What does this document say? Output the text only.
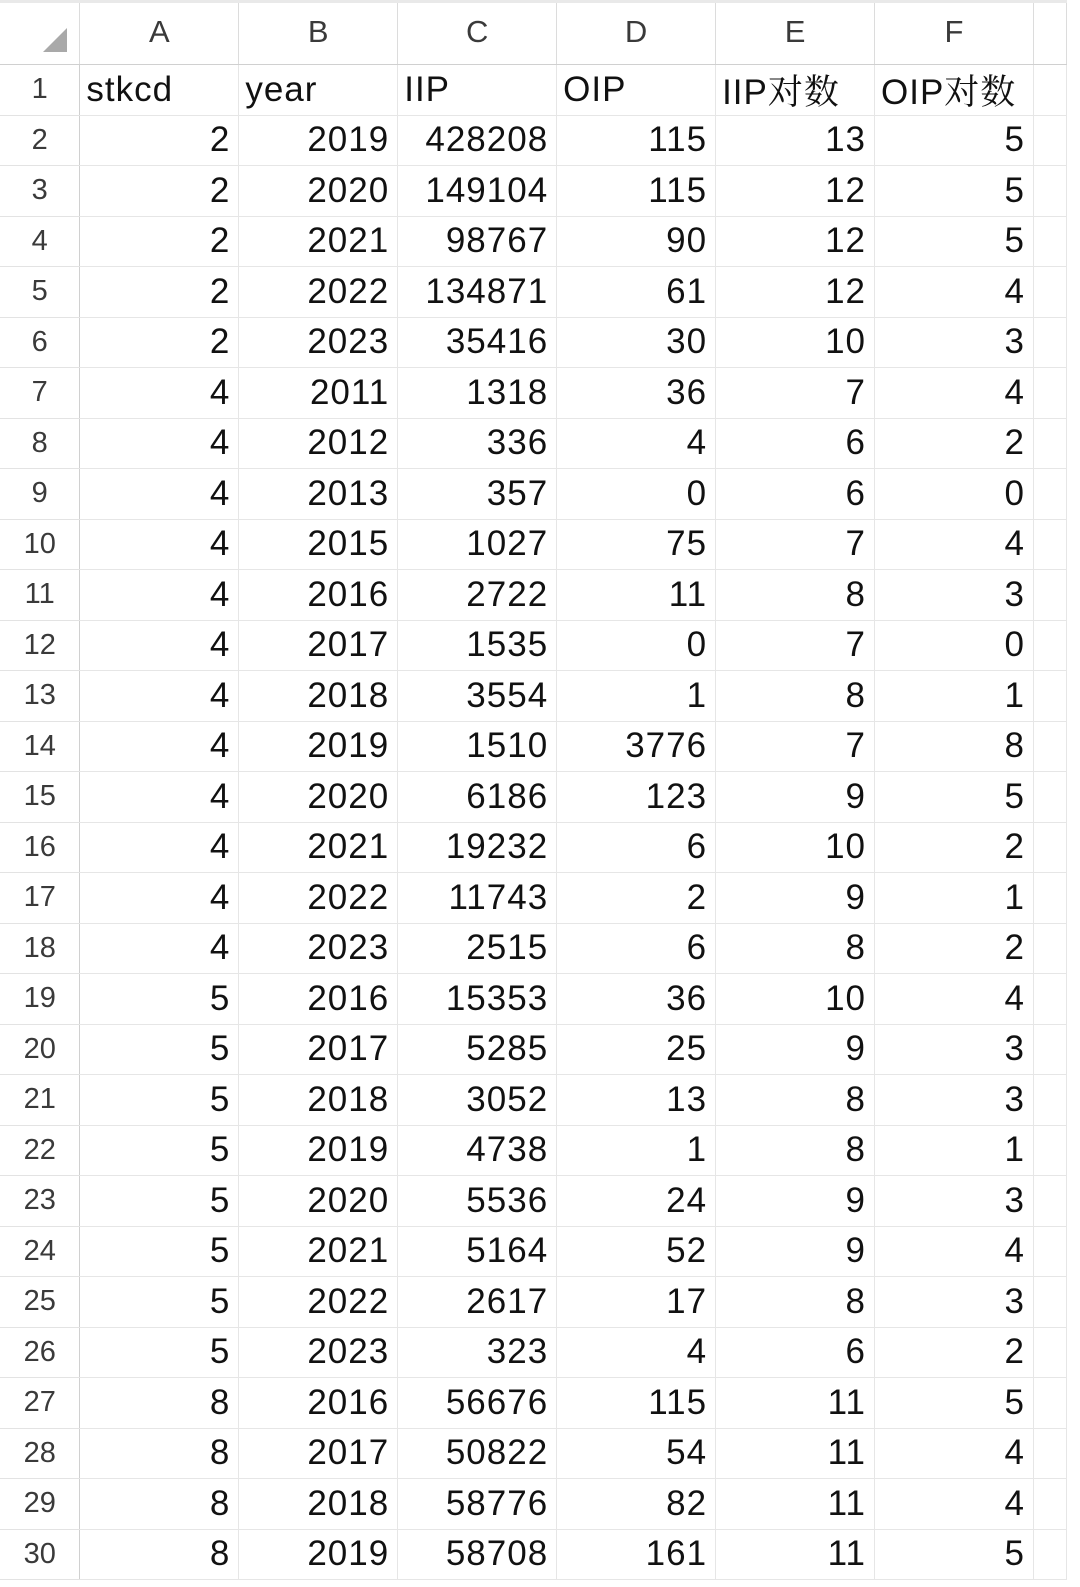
	A	B	C	D	E	F	
1	stkcd	year	IIP	OIP	IIP对数	OIP对数	
2	2	2019	428208	115	13	5	
3	2	2020	149104	115	12	5	
4	2	2021	98767	90	12	5	
5	2	2022	134871	61	12	4	
6	2	2023	35416	30	10	3	
7	4	2011	1318	36	7	4	
8	4	2012	336	4	6	2	
9	4	2013	357	0	6	0	
10	4	2015	1027	75	7	4	
11	4	2016	2722	11	8	3	
12	4	2017	1535	0	7	0	
13	4	2018	3554	1	8	1	
14	4	2019	1510	3776	7	8	
15	4	2020	6186	123	9	5	
16	4	2021	19232	6	10	2	
17	4	2022	11743	2	9	1	
18	4	2023	2515	6	8	2	
19	5	2016	15353	36	10	4	
20	5	2017	5285	25	9	3	
21	5	2018	3052	13	8	3	
22	5	2019	4738	1	8	1	
23	5	2020	5536	24	9	3	
24	5	2021	5164	52	9	4	
25	5	2022	2617	17	8	3	
26	5	2023	323	4	6	2	
27	8	2016	56676	115	11	5	
28	8	2017	50822	54	11	4	
29	8	2018	58776	82	11	4	
30	8	2019	58708	161	11	5	
